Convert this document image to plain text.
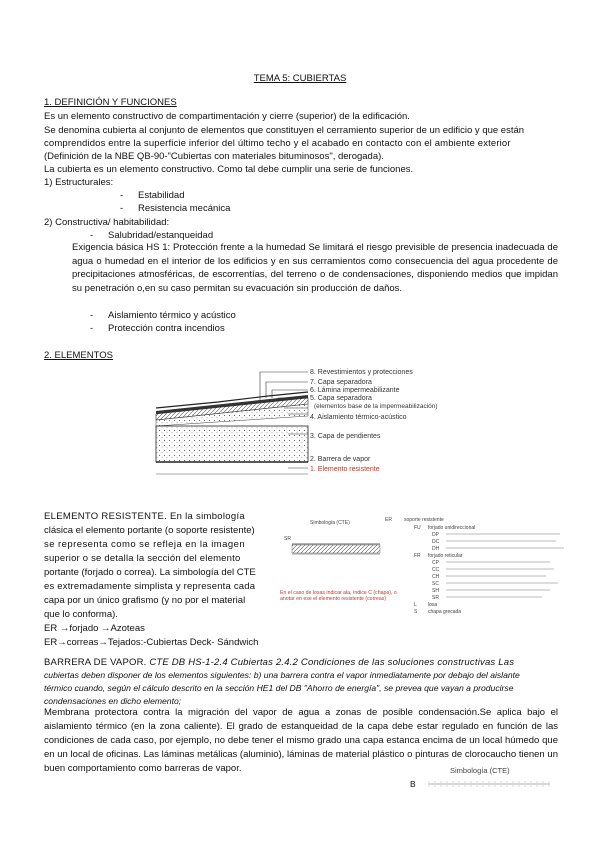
TEMA 5: CUBIERTAS
1. DEFINICIÓN Y FUNCIONES
Es un elemento constructivo de compartimentación y cierre (superior) de la edificación.
Se denomina cubierta al conjunto de elementos que constituyen el cerramiento superior de un edificio y que están
comprendidos entre la superficie inferior del último techo y el acabado en contacto con el ambiente exterior
(Definición de la NBE QB-90-"Cubiertas con materiales bituminosos", derogada).
La cubierta es un elemento constructivo. Como tal debe cumplir una serie de funciones.
1) Estructurales:
- Estabilidad
- Resistencia mecánica
2) Constructiva/ habitabilidad:
- Salubridad/estanqueidad
Exigencia básica HS 1: Protección frente a la humedad Se limitará el riesgo previsible de presencia inadecuada de agua o humedad en el interior de los edificios y en sus cerramientos como consecuencia del agua procedente de precipitaciones atmosféricas, de escorrentías, del terreno o de condensaciones, disponiendo medios que impidan su penetración o,en su caso permitan su evacuación sin producción de daños.
- Aislamiento térmico y acústico
- Protección contra incendios
2. ELEMENTOS
8. Revestimientos y protecciones
7. Capa separadora
6. Lámina impermeabilizante
5. Capa separadora
(elementos base de la impermeabilización)
4. Aislamiento térmico-acústico
3. Capa de pendientes
2. Barrera de vapor
1. Elemento resistente
ELEMENTO RESISTENTE. En la simbología
clásica el elemento portante (o soporte resistente)
se representa como se refleja en la imagen
superior o se detalla la sección del elemento
portante (forjado o correa). La simbología del CTE
es extremadamente simplista y representa cada
capa por un único grafismo (y no por el material
que lo conforma).
ER →forjado →Azoteas
ER→correas→Tejados:-Cubiertas Deck- Sándwich
Simbología (CTE)	ER soporte resistente
FU forjado unidireccional
DP
DC
DH
FR forjado reticular
CP
CC
CH
SC
SH
SR
L losa
S chapa grecada
SR
En el caso de losas indicar ala, índice C (chapa), o anotar en ese el elemento resistente (correas)
BARRERA DE VAPOR. CTE DB HS-1-2.4 Cubiertas 2.4.2 Condiciones de las soluciones constructivas Las
cubiertas deben disponer de los elementos siguientes: b) una barrera contra el vapor inmediatamente por debajo del aislante
térmico cuando, según el cálculo descrito en la sección HE1 del DB "Ahorro de energía", se prevea que vayan a producirse
condensaciones en dicho elemento;
Membrana protectora contra la migración del vapor de agua a zonas de posible condensación.Se aplica bajo el aislamiento térmico (en la zona caliente). El grado de estanqueidad de la capa debe estar regulado en función de las condiciones de cada caso, por ejemplo, no debe tener el mismo grado una capa estanca encima de un local húmedo que en un local de oficinas. Las láminas metálicas (aluminio), láminas de material plástico o pinturas de clorocaucho tienen un buen comportamiento como barreras de vapor.	Simbología (CTE)
B
